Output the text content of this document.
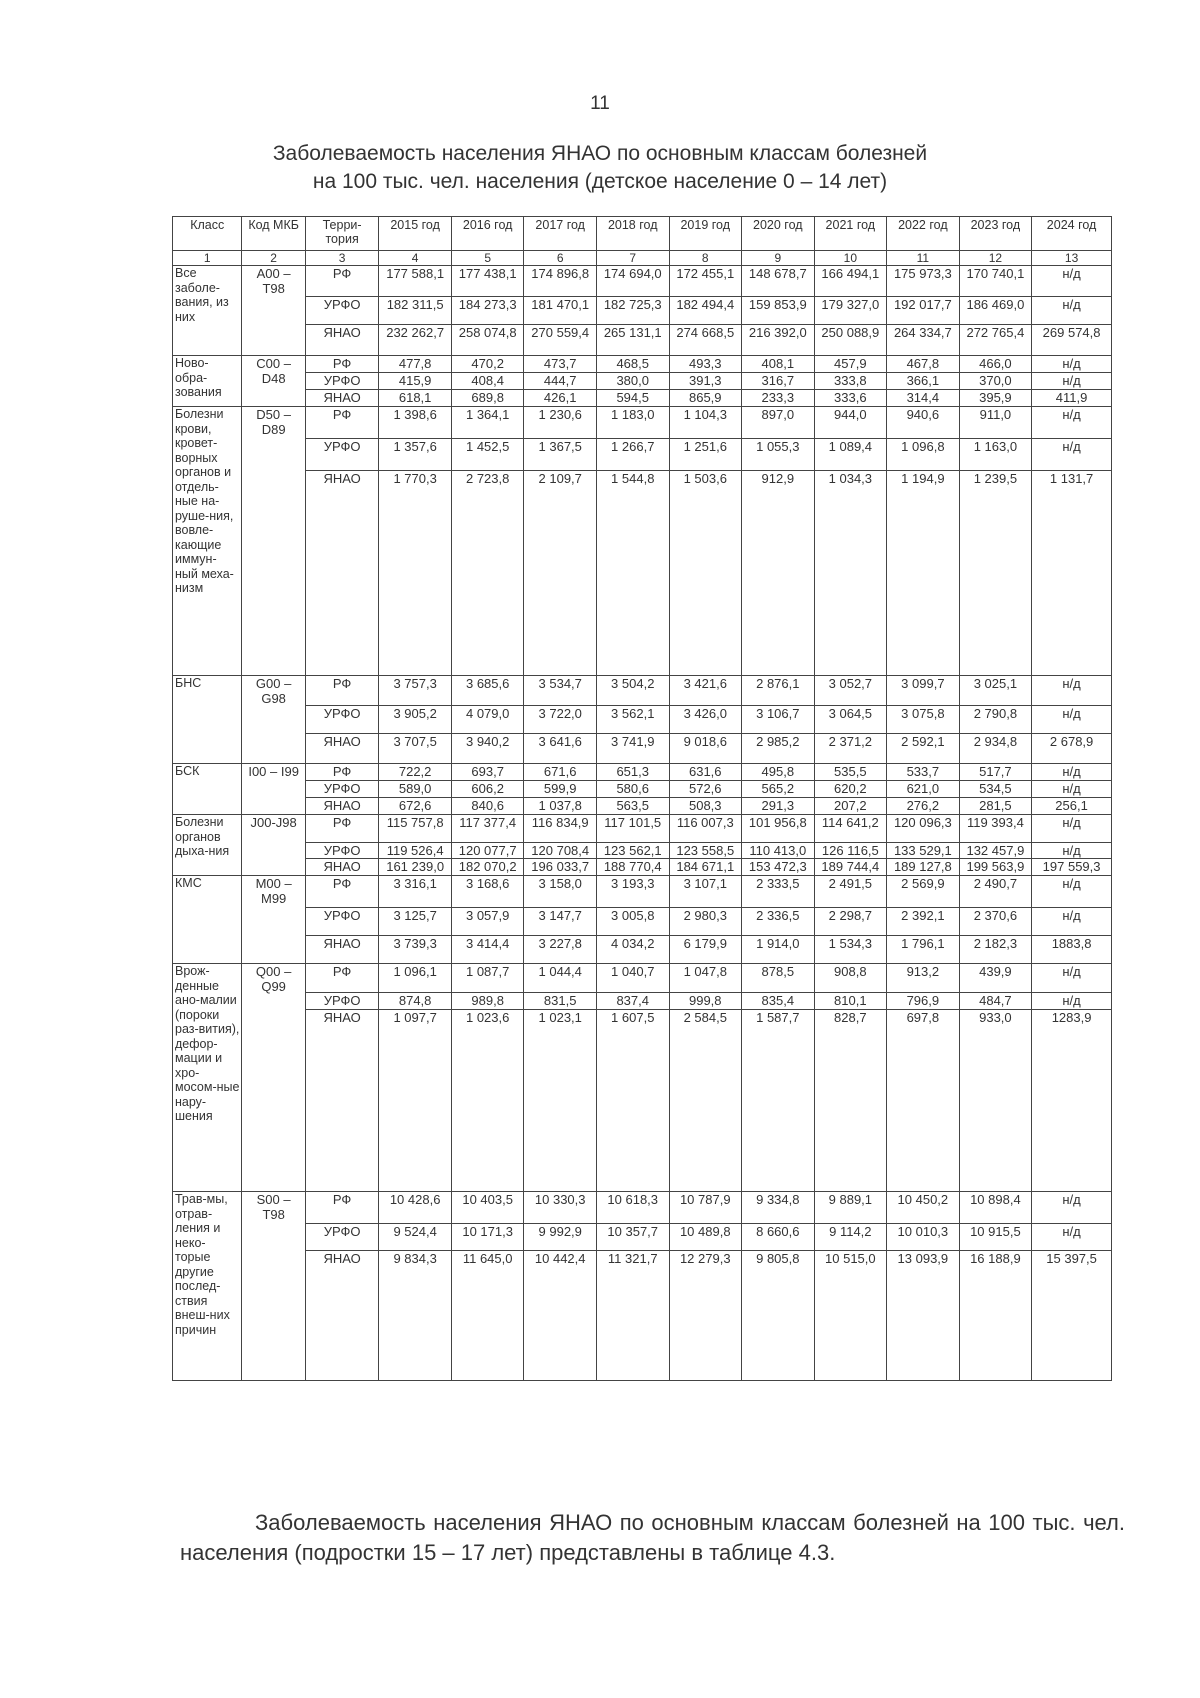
11
Заболеваемость населения ЯНАО по основным классам болезней
на 100 тыс. чел. населения (детское население 0 – 14 лет)
Класс	Код МКБ	Терри-тория	2015 год	2016 год	2017 год	2018 год	2019 год	2020 год	2021 год	2022 год	2023 год	2024 год
1	2	3	4	5	6	7	8	9	10	11	12	13
Все заболе-вания, из них	A00 – T98	РФ	177 588,1	177 438,1	174 896,8	174 694,0	172 455,1	148 678,7	166 494,1	175 973,3	170 740,1	н/д
		УРФО	182 311,5	184 273,3	181 470,1	182 725,3	182 494,4	159 853,9	179 327,0	192 017,7	186 469,0	н/д
		ЯНАО	232 262,7	258 074,8	270 559,4	265 131,1	274 668,5	216 392,0	250 088,9	264 334,7	272 765,4	269 574,8
Ново-обра-зования	C00 – D48	РФ	477,8	470,2	473,7	468,5	493,3	408,1	457,9	467,8	466,0	н/д
		УРФО	415,9	408,4	444,7	380,0	391,3	316,7	333,8	366,1	370,0	н/д
		ЯНАО	618,1	689,8	426,1	594,5	865,9	233,3	333,6	314,4	395,9	411,9
Болезни крови, кровет-ворных органов и отдель-ные на-руше-ния, вовле-кающие иммун-ный меха-низм	D50 – D89	РФ	1 398,6	1 364,1	1 230,6	1 183,0	1 104,3	897,0	944,0	940,6	911,0	н/д
		УРФО	1 357,6	1 452,5	1 367,5	1 266,7	1 251,6	1 055,3	1 089,4	1 096,8	1 163,0	н/д
		ЯНАО	1 770,3	2 723,8	2 109,7	1 544,8	1 503,6	912,9	1 034,3	1 194,9	1 239,5	1 131,7
БНС	G00 – G98	РФ	3 757,3	3 685,6	3 534,7	3 504,2	3 421,6	2 876,1	3 052,7	3 099,7	3 025,1	н/д
		УРФО	3 905,2	4 079,0	3 722,0	3 562,1	3 426,0	3 106,7	3 064,5	3 075,8	2 790,8	н/д
		ЯНАО	3 707,5	3 940,2	3 641,6	3 741,9	9 018,6	2 985,2	2 371,2	2 592,1	2 934,8	2 678,9
БСК	I00 – I99	РФ	722,2	693,7	671,6	651,3	631,6	495,8	535,5	533,7	517,7	н/д
		УРФО	589,0	606,2	599,9	580,6	572,6	565,2	620,2	621,0	534,5	н/д
		ЯНАО	672,6	840,6	1 037,8	563,5	508,3	291,3	207,2	276,2	281,5	256,1
Болезни органов дыха-ния	J00-J98	РФ	115 757,8	117 377,4	116 834,9	117 101,5	116 007,3	101 956,8	114 641,2	120 096,3	119 393,4	н/д
		УРФО	119 526,4	120 077,7	120 708,4	123 562,1	123 558,5	110 413,0	126 116,5	133 529,1	132 457,9	н/д
		ЯНАО	161 239,0	182 070,2	196 033,7	188 770,4	184 671,1	153 472,3	189 744,4	189 127,8	199 563,9	197 559,3
КМС	M00 – M99	РФ	3 316,1	3 168,6	3 158,0	3 193,3	3 107,1	2 333,5	2 491,5	2 569,9	2 490,7	н/д
		УРФО	3 125,7	3 057,9	3 147,7	3 005,8	2 980,3	2 336,5	2 298,7	2 392,1	2 370,6	н/д
		ЯНАО	3 739,3	3 414,4	3 227,8	4 034,2	6 179,9	1 914,0	1 534,3	1 796,1	2 182,3	1883,8
Врож-денные ано-малии (пороки раз-вития), дефор-мации и хро-мосом-ные нару-шения	Q00 – Q99	РФ	1 096,1	1 087,7	1 044,4	1 040,7	1 047,8	878,5	908,8	913,2	439,9	н/д
		УРФО	874,8	989,8	831,5	837,4	999,8	835,4	810,1	796,9	484,7	н/д
		ЯНАО	1 097,7	1 023,6	1 023,1	1 607,5	2 584,5	1 587,7	828,7	697,8	933,0	1283,9
Трав-мы, отрав-ления и неко-торые другие послед-ствия внеш-них причин	S00 – T98	РФ	10 428,6	10 403,5	10 330,3	10 618,3	10 787,9	9 334,8	9 889,1	10 450,2	10 898,4	н/д
		УРФО	9 524,4	10 171,3	9 992,9	10 357,7	10 489,8	8 660,6	9 114,2	10 010,3	10 915,5	н/д
		ЯНАО	9 834,3	11 645,0	10 442,4	11 321,7	12 279,3	9 805,8	10 515,0	13 093,9	16 188,9	15 397,5
Заболеваемость населения ЯНАО по основным классам болезней на 100 тыс. чел. населения (подростки 15 – 17 лет) представлены в таблице 4.3.
